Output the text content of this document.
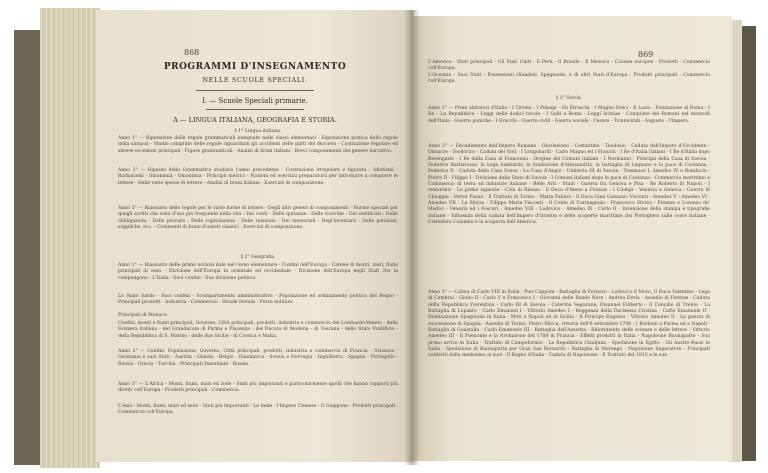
868
PROGRAMMI D'INSEGNAMENTO
NELLE SCUOLE SPECIALI.
I. — Scuole Speciali primarie.
A — LINGUA ITALIANA, GEOGRAFIA E STORIA.
§ 1° Lingua italiana.
Anno 1° — Ripetizione delle regole grammaticali insegnate nelle classi elementari - Esposizione pratica delle regole della sintassi - Studio compiuto delle regole riguardanti gli accidenti delle parti del discorso - Costruzione regolare ed sbreve eccezioni principali - Figure grammaticali - Analisi di brani italiani - Brevi componimenti del genere narrativo.
Anno 2° — Ripasso della Grammatica studiata l'anno precedente - Costruzione irregolare e figurata - Idiotismi - Barbarismi - Sinonimia - Omonimia - Principii metrici - Nozioni ed esercizii preparatorii per introdurre a comporre le lettere - Delle varie specie di lettere - Analisi di brani italiani - Esercizii di composizione.
Anno 3° — Riassunto delle regole per le varie forme di lettere - Degli altri generi di componimenti - Norme speciali per quegli scritti che sono d'uso più frequente nella vita - Dei conti - Delle quitanze - Delle ricevute - Dei certificati - Delle obbligazioni - Delle procure - Delle capitolazioni - Delle relazioni - Dei memoriali - Degl'inventarii - Delle petizioni, suppliche, ecc. - Commenti di brani d'autori classici - Esercizii di composizione.
§ 2° Geografia.
Anno 1° — Riassunto delle prime nozioni date nel corso elementare - Confini dell'Europa - Catene di monti, mari, fiumi principali di essa - Divisione dell'Europa in orientale ed occidentale - Divisione dell'Europa negli Stati che la compongono - L'Italia - Suoi confini - Sua divisione politica.
Lo Stato Sardo - Suoi confini - Scompartimento amministrativo - Popolazione ed ordinamento politico del Regno - Principali prodotti - Industria - Commercio - Strade ferrate - Forza militare.
Principati di Monaco.
Confini, monti e fiumi principali, Governo, Città principali, prodotti, industria e commercio del Lombardo-Veneto - della Svizzera italiana - del Granducato di Parma e Piacenza - del Ducato di Modena - di Toscana - dello Stato Pontificio - della Repubblica di S. Marino - delle due Sicilie - di Corsica e Malta.
Anno 2° — Confini, Popolazione, Governo, Città principali, prodotti, industria e commercio di Francia - Svizzera - Germania e suoi Stati - Austria - Olanda - Belgio - Danimarca - Svezia e Norvegia - Inghilterra - Spagna - Portogallo - Russia - Grecia - Turchia - Principati Danubiani - Russia.
Anno 3° — L'Africa - Monti, fiumi, mari ed isole - Stati più importanti e particolarmente quelli che hanno rapporti più diretti coll'Europa - Prodotti principali - Commercio.
L'Asia - Monti, fiumi, mari ed isole - Stati più importanti - Le Indie - l'Impero Chinese - Il Giappone - Prodotti principali - Commercio coll'Europa.
869
L'America - Stati principali - Gli Stati Uniti - Il Perù - Il Brasile - Il Messico - Colonie europee - Prodotti - Commercio coll'Europa.
L'Oceania - Suoi Stati - Possessioni Olandesi, Spagnuole, e di altri Stati d'Europa - Prodotti principali - Commercio coll'Europa.
§ 3° Storia.
Anno 1° — Primi abitatori d'Italia - I Tirreni - I Pelasgi - Gli Etruschi - I Magno-Greci - Il Lazio - Fondazione di Roma - I Re - La Repubblica - Leggi delle dodici tavole - I Galli a Roma - Leggi liciniae - Conquiste dei Romani nel mezzodì dell'Italia - Guerre puniche - I Gracchi - Guerre civili - Guerra sociale - Cesare - Triumvirati - Augusto - l'Impero.
Anno 2° — Decadimento dell'Impero Romano - Diocleziano - Costantino - Teodosio - Caduta dell'Impero d'Occidente - Odoacre - Teodorico - Caduta dei Goti - I Longobardi - Carlo Magno ed i Franchi - I Re d'Italia italiani - I Re d'Italia dopo Berengario - I Re dalla Casa di Franconia - Origine dei Comuni italiani - I Normanni - Principii della Casa di Savoia - Federico Barbarossa, la Lega lombarda, la fondazione d'Alessandria, la battaglia di Legnano e la pace di Costanza - Federico II - Caduta della Casa Sveva - La Casa d'Angiò - Umberto III di Savoia - Tommaso I, Amedeo IV e Bonifacio - Pietro II - Filippo I - Divisione della Stato di Savoia - I Comuni italiani dopo la pace di Costanza - Commercio marittimo e Commercio di terra ed industrie italiane - Belle Arti - Studi - Guerra fra Genova e Pisa - Re Roberto di Napoli - I venturieri - Le prime signorie - Cola di Rienzo - Il Duca d'Atene a Firenze - I Ciompi - Venezia e Genova - Guerra di Chioggia - Vettor Pisani - Il Trattato di Torino - Marin Faliero - Il Duca Gian Galeazzo Visconti - Amedeo V - Amedeo VI - Amedeo VII - La Sforza - Filippo Maria Visconti - Il Conte di Carmagnola - Francesco Sforza - Firenze e Lorenzo de' Medici - Venezia ed i Foscari - Amedeo VIII - Lodovico - Amedeo IX - Carlo II - Invenzione della stampa e tipografie italiane - Influenza della caduta dell'Impero d'Oriente e delle scoperte marittime dei Portoghesi sulle coste italiane - Cristoforo Colombo e la scoperta dell'America.
Anno 3° — Calata di Carlo VIII in Italia - Pier Capponi - Battaglia di Fornovo - Lodovico il Moro, Il Duca Valentino - Lega di Cambrai - Giulio II - Carlo V e Francesco I - Giovanni delle Bande Nere - Andrea Doria - Assedio di Firenze - Caduta della Repubblica Fiorentina - Carlo III di Savoia - Caterina Segurana, Emanuel Filiberto - Il Concilio di Trento - La Battaglia di Lepanto - Carlo Emanuel I - Vittorio Amedeo I - Reggenza della Duchessa Cristina - Carlo Emanuele II - Dominazione Spagnuola in Italia - Moti a Napoli ed in Sicilia - Il Principe Eugenio - Vittorio Amedeo II - La guerra di successione di Spagna - Assedio di Torino, Pietro Micca, vittoria dell'8 settembre 1706 - I Borboni a Parma ed a Napoli - Battaglia di Guastalla - Carlo Emanuele III - Battaglia dell'Assietta - Rifiorimento delle scienze e delle lettere - Vittorio Amedeo III - Il Piemonte e la rivoluzione del 1789 in Francia - Effetti prodotti in Italia - Napoleone Buonaparte - Suo primo arrivo in Italia - Trattato di Campoformio - La Repubblica Cisalpina - Spedizione in Egitto - Gli Austro-Russi in Italia - Spedizione di Buonaparte per Gran San Bernardo - Battaglia di Marengo - Napoleone Imperatore - Principati conferiti dalla medesimo ai suoi - Il Regno d'Italia - Caduta di Napoleone - Il Trattato del 1815 e le sue
